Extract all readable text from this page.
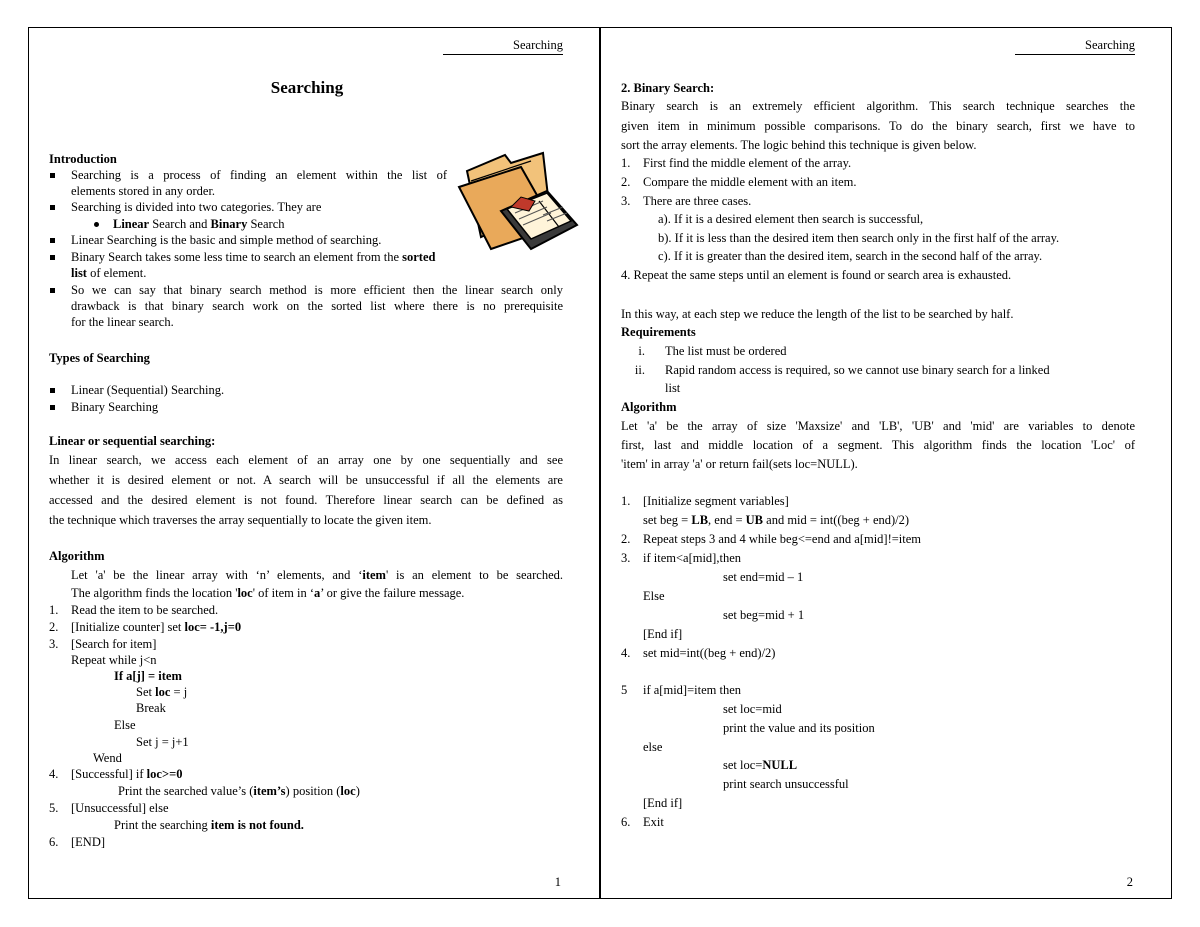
Searching
Searching
Introduction
Searching is a process of finding an element within the list of
elements stored in any order.
Searching is divided into two categories. They are
Linear Search and Binary Search
Linear Searching is the basic and simple method of searching.
Binary Search takes some less time to search an element from the sorted
list of element.
So we can say that binary search method is more efficient then the linear search only
drawback is that binary search work on the sorted list where there is no prerequisite
for the linear search.
Types of Searching
Linear (Sequential) Searching.
Binary Searching
Linear or sequential searching:
In linear search, we access each element of an array one by one sequentially and see
whether it is desired element or not. A search will be unsuccessful if all the elements are
accessed and the desired element is not found. Therefore linear search can be defined as
the technique which traverses the array sequentially to locate the given item.
Algorithm
Let 'a' be the linear array with ‘n’ elements, and ‘item' is an element to be searched.
The algorithm finds the location 'loc' of item in ‘a’ or give the failure message.
1. Read the item to be searched.
2. [Initialize counter] set loc= -1,j=0
3. [Search for item]
Repeat while j<n
If a[j] = item
Set loc = j
Break
Else
Set j = j+1
Wend
4. [Successful] if loc>=0
Print the searched value’s (item’s) position (loc)
5. [Unsuccessful] else
Print the searching item is not found.
6. [END]
1
Searching
2. Binary Search:
Binary search is an extremely efficient algorithm. This search technique searches the
given item in minimum possible comparisons. To do the binary search, first we have to
sort the array elements. The logic behind this technique is given below.
1. First find the middle element of the array.
2. Compare the middle element with an item.
3. There are three cases.
a). If it is a desired element then search is successful,
b). If it is less than the desired item then search only in the first half of the array.
c). If it is greater than the desired item, search in the second half of the array.
4. Repeat the same steps until an element is found or search area is exhausted.
In this way, at each step we reduce the length of the list to be searched by half.
Requirements
i. The list must be ordered
ii. Rapid random access is required, so we cannot use binary search for a linked
list
Algorithm
Let 'a' be the array of size 'Maxsize' and 'LB', 'UB' and 'mid' are variables to denote
first, last and middle location of a segment. This algorithm finds the location 'Loc' of
'item' in array 'a' or return fail(sets loc=NULL).
1. [Initialize segment variables]
set beg = LB, end = UB and mid = int((beg + end)/2)
2. Repeat steps 3 and 4 while beg<=end and a[mid]!=item
3. if item<a[mid],then
set end=mid – 1
Else
set beg=mid + 1
[End if]
4. set mid=int((beg + end)/2)
5 if a[mid]=item then
set loc=mid
print the value and its position
else
set loc=NULL
print search unsuccessful
[End if]
6. Exit
2
